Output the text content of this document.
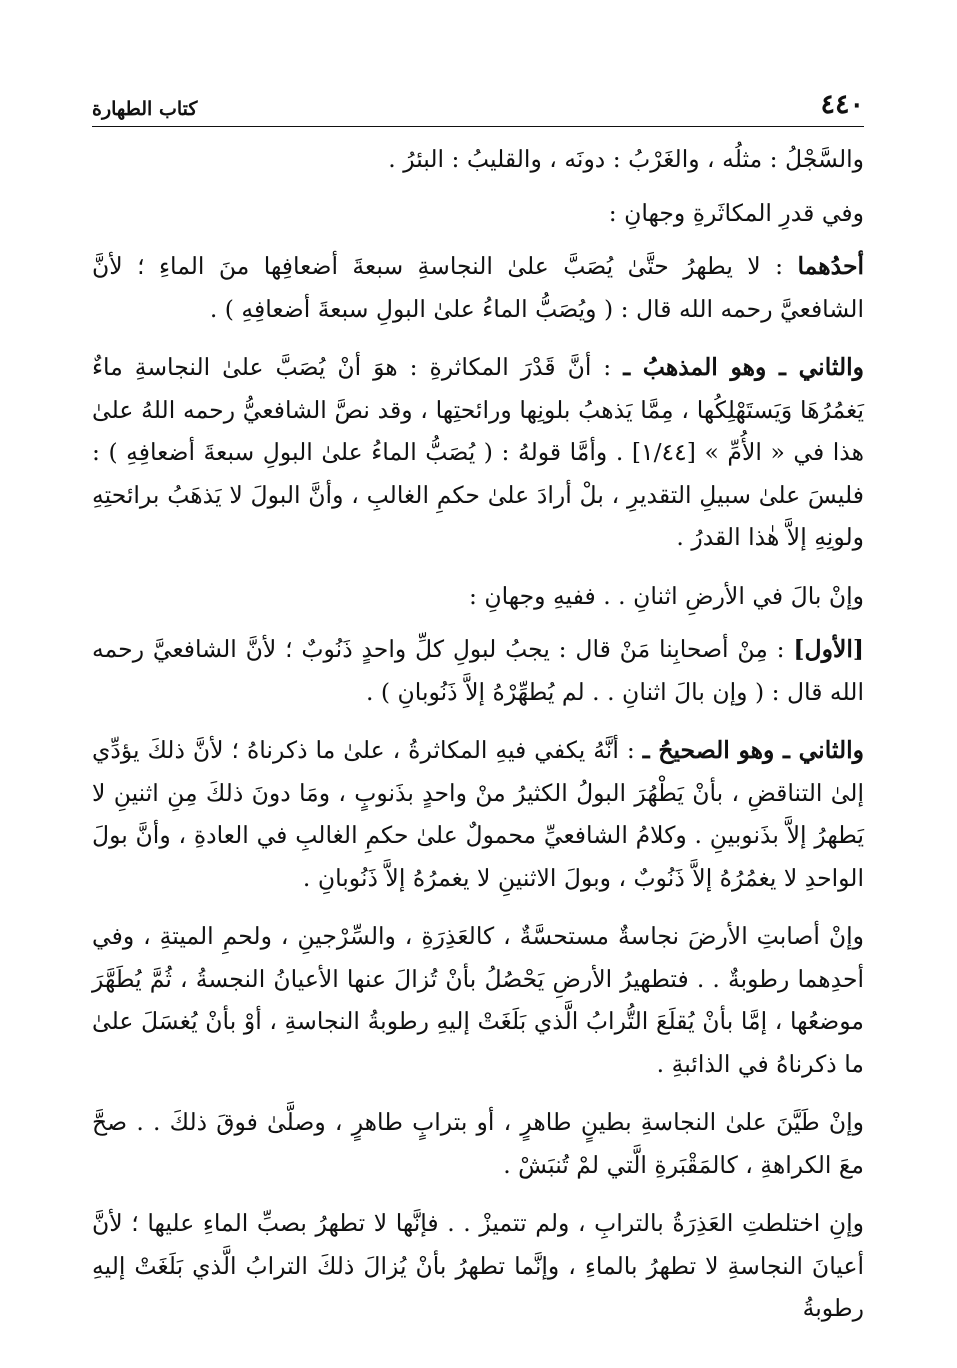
٤٤٠
كتاب الطهارة

والسَّجْلُ : مثلُه ، والغَرْبُ : دونَه ، والقليبُ : البئرُ .

وفي قدرِ المكاثَرةِ وجهانِ :

أحدُهما : لا يطهرُ حتَّىٰ يُصَبَّ علىٰ النجاسةِ سبعةَ أضعافِها منَ الماءِ ؛ لأنَّ الشافعيَّ رحمه الله قال : ( ويُصَبُّ الماءُ علىٰ البولِ سبعةَ أضعافِهِ ) .

والثاني ـ وهو المذهبُ ـ : أنَّ قَدْرَ المكاثرةِ : هوَ أنْ يُصَبَّ علىٰ النجاسةِ ماءٌ يَغمُرُهَا وَيَستَهْلِكُها ، مِمَّا يَذهبُ بلونِها ورائحتِها ، وقد نصَّ الشافعيُّ رحمه اللهُ علىٰ هذا في « الأُمِّ » [١/٤٤] . وأمَّا قولهُ : ( يُصَبُّ الماءُ علىٰ البولِ سبعةَ أضعافِهِ ) : فليسَ علىٰ سبيلِ التقديرِ ، بلْ أرادَ علىٰ حكمِ الغالبِ ، وأنَّ البولَ لا يَذهَبُ برائحتِهِ ولونِهِ إلاَّ هٰذا القدرُ .

وإنْ بالَ في الأرضِ اثنانِ . . ففيهِ وجهانِ :

[الأول] : مِنْ أصحابِنا مَنْ قال : يجبُ لبولِ كلِّ واحدٍ ذَنُوبٌ ؛ لأنَّ الشافعيَّ رحمه الله قال : ( وإن بالَ اثنانِ . . لم يُطهِّرْهُ إلاَّ ذَنُوبانِ ) .

والثاني ـ وهو الصحيحُ ـ : أنَّهُ يكفي فيهِ المكاثرةُ ، علىٰ ما ذكرناهُ ؛ لأنَّ ذلكَ يؤدِّي إلىٰ التناقضِ ، بأنْ يَطْهُرَ البولُ الكثيرُ منْ واحدٍ بذَنوبٍ ، ومَا دونَ ذلكَ مِنِ اثنينِ لا يَطهرُ إلاَّ بذَنوبينِ . وكلامُ الشافعيِّ محمولٌ علىٰ حكمِ الغالبِ في العادةِ ، وأنَّ بولَ الواحدِ لا يغمُرُهُ إلاَّ ذَنُوبٌ ، وبولَ الاثنينِ لا يغمرُهُ إلاَّ ذَنُوبانِ .

وإنْ أصابتِ الأرضَ نجاسةٌ مستحسَّةٌ ، كالعَذِرَةِ ، والسِّرْجينِ ، ولحمِ الميتةِ ، وفي أحدِهما رطوبةٌ . . فتطهيرُ الأرضِ يَحْصُلُ بأنْ تُزالَ عنها الأعيانُ النجسةُ ، ثُمَّ يُطَهَّرَ موضعُها ، إمَّا بأنْ يُقلَعَ التُّرابُ الَّذي بَلَغَتْ إليهِ رطوبةُ النجاسةِ ، أوْ بأنْ يُغسَلَ علىٰ ما ذكرناهُ في الذائبةِ .

وإنْ طَيَّنَ علىٰ النجاسةِ بطينٍ طاهرٍ ، أو بترابٍ طاهرٍ ، وصلَّىٰ فوقَ ذلكَ . . صحَّ معَ الكراهةِ ، كالمَقْبَرةِ الَّتي لمْ تُنبَشْ .

وإنِ اختلطتِ العَذِرَةُ بالترابِ ، ولم تتميزْ . . فإنَّها لا تطهرُ بصبِّ الماءِ عليها ؛ لأنَّ أعيانَ النجاسةِ لا تطهرُ بالماءِ ، وإنَّما تطهرُ بأنْ يُزالَ ذلكَ الترابُ الَّذي بَلَغَتْ إليهِ رطوبةُ
